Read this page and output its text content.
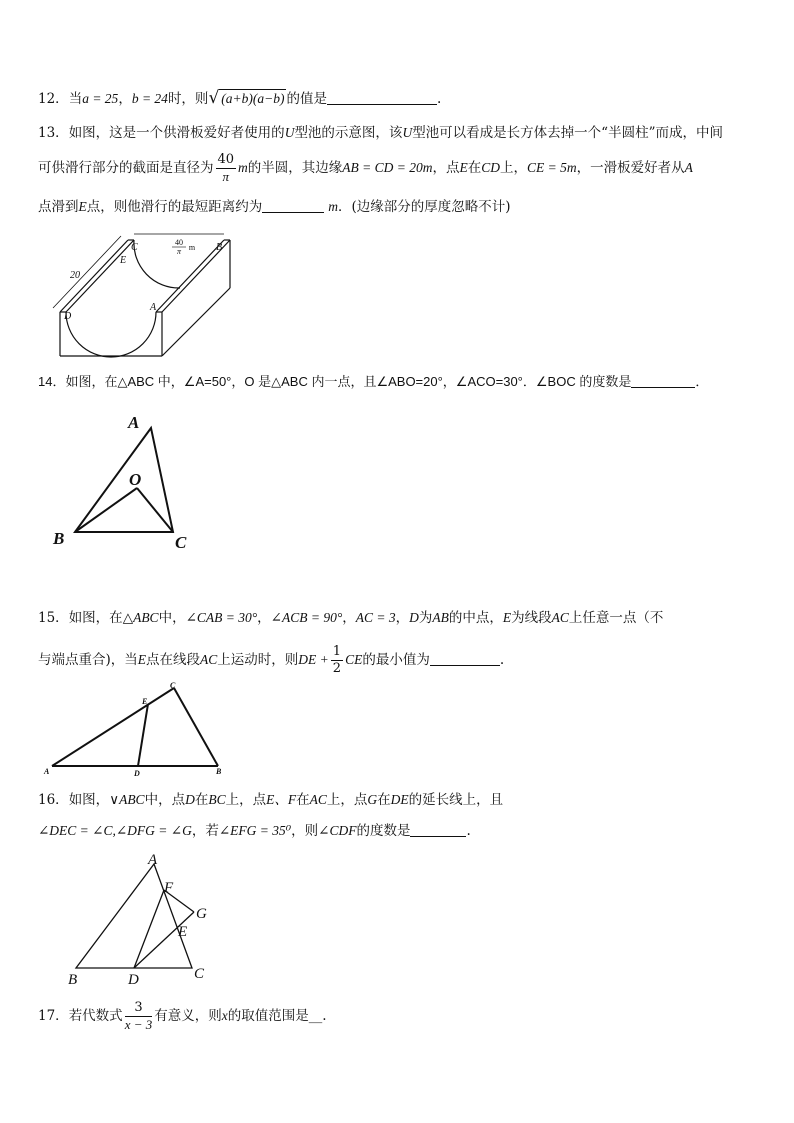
12．当a = 25，b = 24时，则√ (a+b)(a−b) 的值是	.
13．如图，这是一个供滑板爱好者使用的U型池的示意图，该U型池可以看成是长方体去掉一个“半圆柱”而成，中间
可供滑行部分的截面是直径为 $\frac{40}{\pi}$ m的半圆，其边缘AB = CD = 20m，点E在CD上，CE = 5m，一滑板爱好者从A
点滑到E点，则他滑行的最短距离约为	m．(边缘部分的厚度忽略不计)
20
C	B
E
A
D
40
π m
14．如图，在△ABC 中，∠A=50°，O 是△ABC 内一点，且∠ABO=20°，∠ACO=30°．∠BOC 的度数是	．
A
O
B	C
15．如图，在△ABC中，∠CAB = 30°，∠ACB = 90°，AC = 3，D为AB的中点，E为线段AC上任意一点（不
与端点重合)，当E点在线段AC上运动时，则DE + $\frac{1}{2}$ CE的最小值为	.
A	D	B
E
C
16．如图，∨ABC中，点D在BC上，点E、F在AC上，点G在DE的延长线上，且
∠DEC = ∠C,∠DFG = ∠G，若∠EFG = 35⁰，则∠CDF的度数是	.
A
F
G
E
B	D	C
17．若代数式 $\frac{3}{x - 3}$ 有意义，则x的取值范围是__.
